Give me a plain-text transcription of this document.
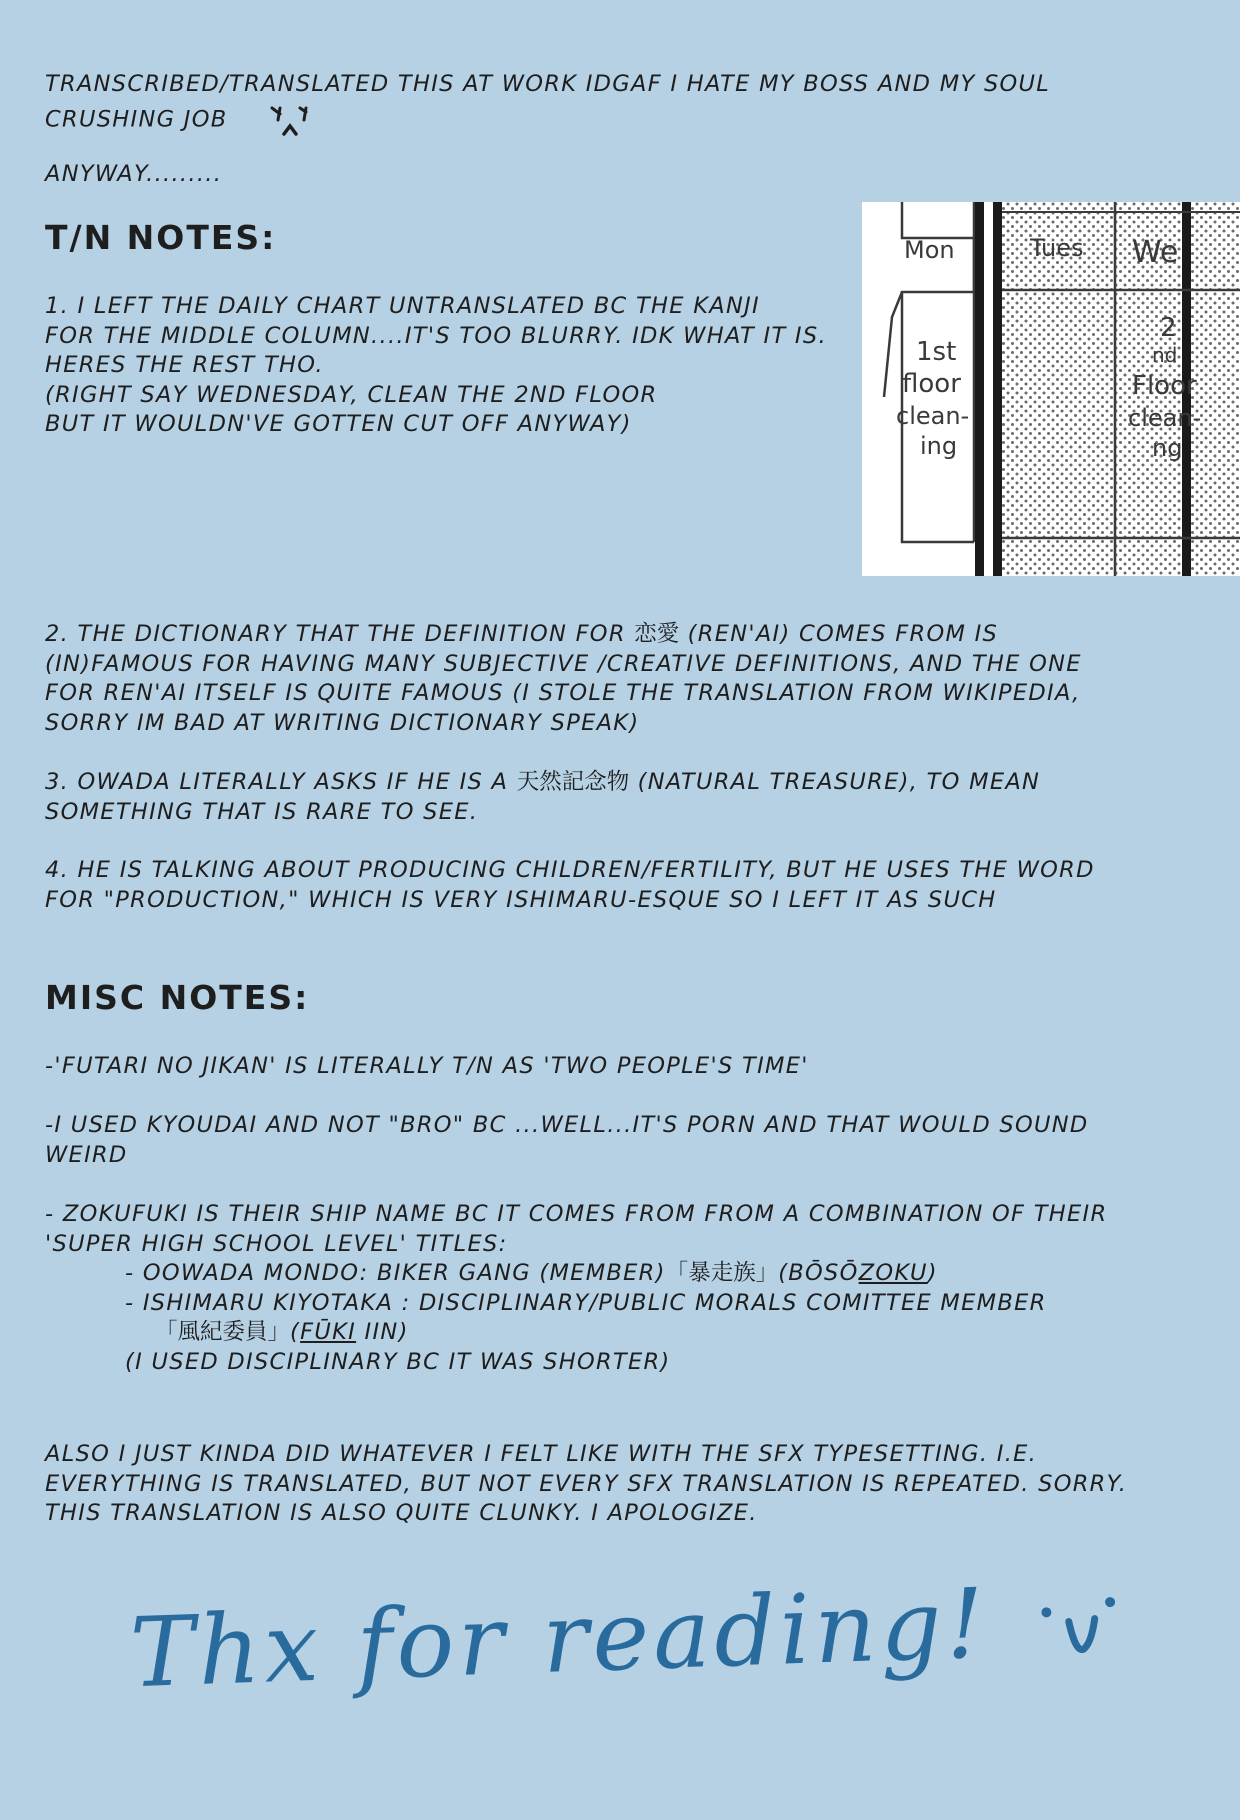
TRANSCRIBED/TRANSLATED THIS AT WORK IDGAF I HATE MY BOSS AND MY SOUL
CRUSHING JOB
ANYWAY.........
T/N NOTES:
1. I LEFT THE DAILY CHART UNTRANSLATED BC THE KANJI
FOR THE MIDDLE COLUMN....IT'S TOO BLURRY. IDK WHAT IT IS.
HERES THE REST THO.
(RIGHT SAY WEDNESDAY, CLEAN THE 2ND FLOOR
BUT IT WOULDN'VE GOTTEN CUT OFF ANYWAY)
Mon	Tues We
1st
floor
clean-
ing
2
nd
Floor
clean-
ng
2. THE DICTIONARY THAT THE DEFINITION FOR 恋愛 (REN'AI) COMES FROM IS
(IN)FAMOUS FOR HAVING MANY SUBJECTIVE /CREATIVE DEFINITIONS, AND THE ONE
FOR REN'AI ITSELF IS QUITE FAMOUS (I STOLE THE TRANSLATION FROM WIKIPEDIA,
SORRY IM BAD AT WRITING DICTIONARY SPEAK)
3. OWADA LITERALLY ASKS IF HE IS A 天然記念物 (NATURAL TREASURE), TO MEAN
SOMETHING THAT IS RARE TO SEE.
4. HE IS TALKING ABOUT PRODUCING CHILDREN/FERTILITY, BUT HE USES THE WORD
FOR "PRODUCTION," WHICH IS VERY ISHIMARU-ESQUE SO I LEFT IT AS SUCH
MISC NOTES:
-'FUTARI NO JIKAN' IS LITERALLY T/N AS 'TWO PEOPLE'S TIME'
-I USED KYOUDAI AND NOT "BRO" BC ...WELL...IT'S PORN AND THAT WOULD SOUND
WEIRD
- ZOKUFUKI IS THEIR SHIP NAME BC IT COMES FROM FROM A COMBINATION OF THEIR
'SUPER HIGH SCHOOL LEVEL' TITLES:
- OOWADA MONDO: BIKER GANG (MEMBER)「暴走族」(BŌSŌZOKU)
- ISHIMARU KIYOTAKA : DISCIPLINARY/PUBLIC MORALS COMITTEE MEMBER
「風紀委員」(FŪKI IIN)
(I USED DISCIPLINARY BC IT WAS SHORTER)
ALSO I JUST KINDA DID WHATEVER I FELT LIKE WITH THE SFX TYPESETTING. I.E.
EVERYTHING IS TRANSLATED, BUT NOT EVERY SFX TRANSLATION IS REPEATED. SORRY.
THIS TRANSLATION IS ALSO QUITE CLUNKY. I APOLOGIZE.
Thx for reading!
